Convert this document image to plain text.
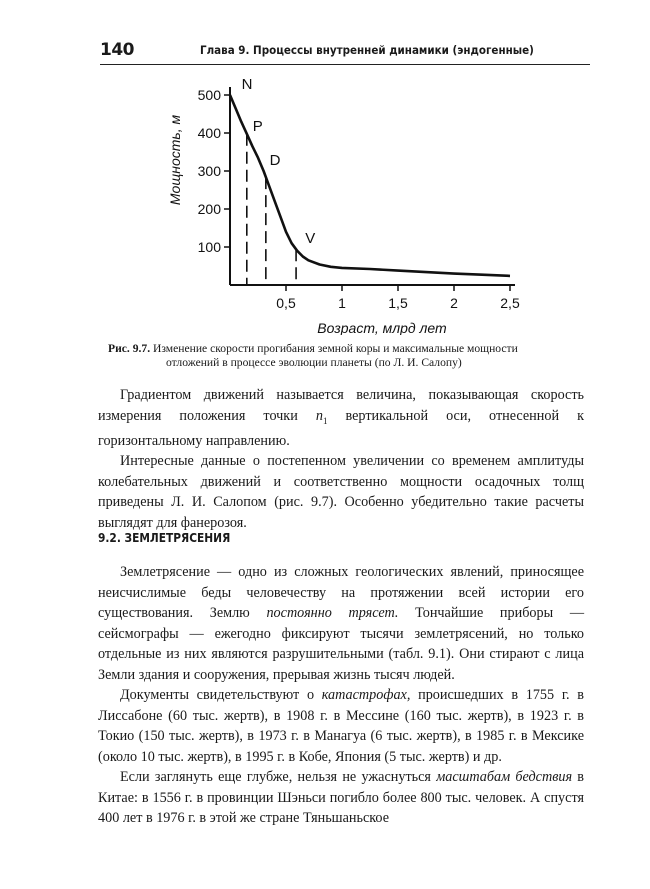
140	Глава 9. Процессы внутренней динамики (эндогенные)
100
200
300
400
500
0,5	1	1,5	2	2,5
N
P
D
V
Мощность, м
Возраст, млрд лет
Рис. 9.7. Изменение скорости прогибания земной коры и максимальные мощности
отложений в процессе эволюции планеты (по Л. И. Салопу)

Градиентом движений называется величина, показывающая скорость измерения положения точки $n_1$ вертикальной оси, отнесенной к горизонтальному направлению.

Интересные данные о постепенном увеличении со временем амплитуды колебательных движений и соответственно мощности осадочных толщ приведены Л. И. Салопом (рис. 9.7). Особенно убедительно такие расчеты выглядят для фанерозоя.

9.2. ЗЕМЛЕТРЯСЕНИЯ

Землетрясение — одно из сложных геологических явлений, приносящее неисчислимые беды человечеству на протяжении всей истории его существования. Землю постоянно трясет. Тончайшие приборы — сейсмографы — ежегодно фиксируют тысячи землетрясений, но только отдельные из них являются разрушительными (табл. 9.1). Они стирают с лица Земли здания и сооружения, прерывая жизнь тысяч людей.

Документы свидетельствуют о катастрофах, происшедших в 1755 г. в Лиссабоне (60 тыс. жертв), в 1908 г. в Мессине (160 тыс. жертв), в 1923 г. в Токио (150 тыс. жертв), в 1973 г. в Манагуа (6 тыс. жертв), в 1985 г. в Мексике (около 10 тыс. жертв), в 1995 г. в Кобе, Япония (5 тыс. жертв) и др.

Если заглянуть еще глубже, нельзя не ужаснуться масштабам бедствия в Китае: в 1556 г. в провинции Шэньси погибло более 800 тыс. человек. А спустя 400 лет в 1976 г. в этой же стране Тяньшаньское
